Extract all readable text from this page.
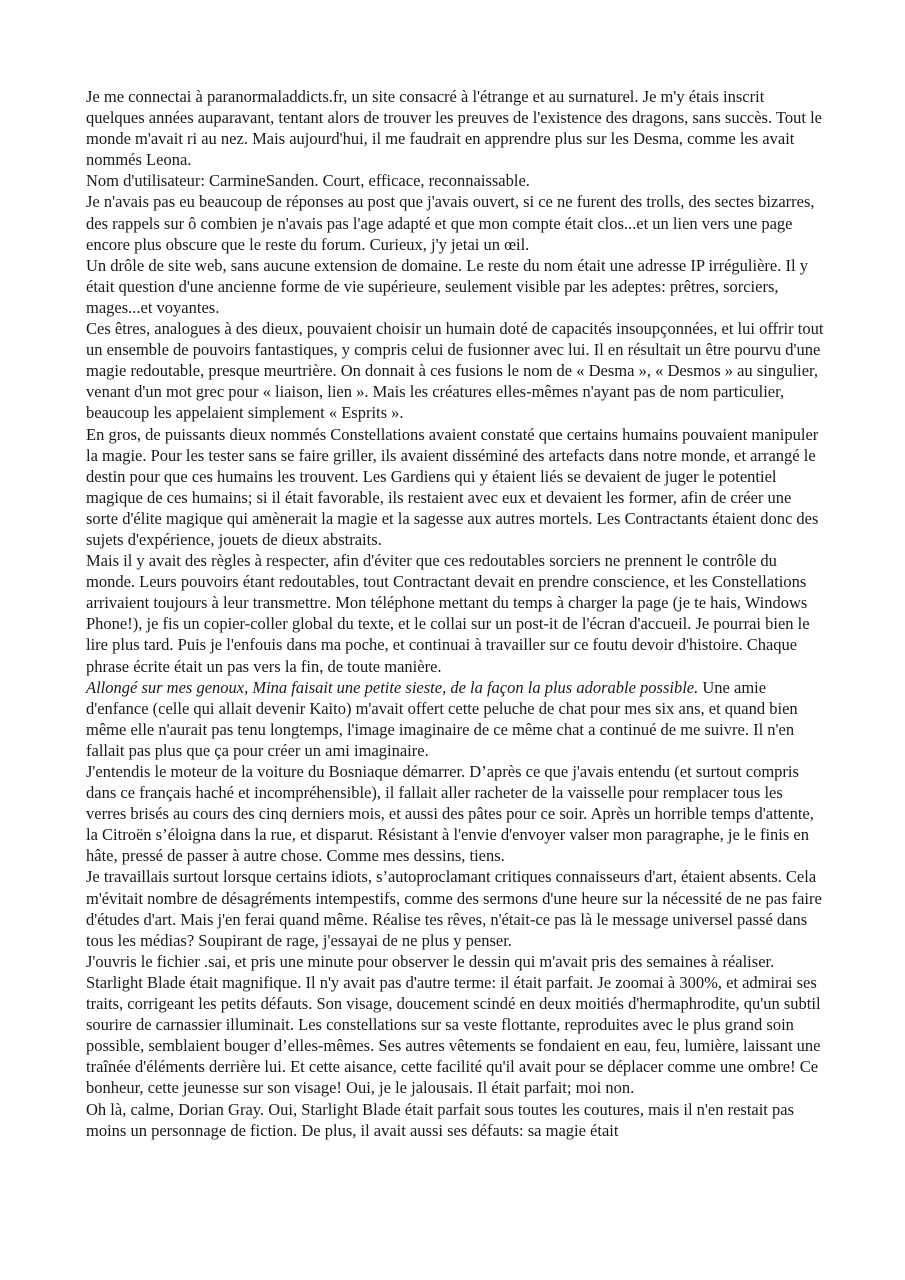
Je me connectai à paranormaladdicts.fr, un site consacré à l'étrange et au surnaturel. Je m'y étais inscrit quelques années auparavant, tentant alors de trouver les preuves de l'existence des dragons, sans succès. Tout le monde m'avait ri au nez. Mais aujourd'hui, il me faudrait en apprendre plus sur les Desma, comme les avait nommés Leona.

Nom d'utilisateur: CarmineSanden. Court, efficace, reconnaissable.

Je n'avais pas eu beaucoup de réponses au post que j'avais ouvert, si ce ne furent des trolls, des sectes bizarres, des rappels sur ô combien je n'avais pas l'age adapté et que mon compte était clos...et un lien vers une page encore plus obscure que le reste du forum. Curieux, j'y jetai un œil.

Un drôle de site web, sans aucune extension de domaine. Le reste du nom était une adresse IP irrégulière. Il y était question d'une ancienne forme de vie supérieure, seulement visible par les adeptes: prêtres, sorciers, mages...et voyantes.

Ces êtres, analogues à des dieux, pouvaient choisir un humain doté de capacités insoupçonnées, et lui offrir tout un ensemble de pouvoirs fantastiques, y compris celui de fusionner avec lui. Il en résultait un être pourvu d'une magie redoutable, presque meurtrière. On donnait à ces fusions le nom de « Desma », « Desmos » au singulier, venant d'un mot grec pour « liaison, lien ». Mais les créatures elles-mêmes n'ayant pas de nom particulier, beaucoup les appelaient simplement « Esprits ».

En gros, de puissants dieux nommés Constellations avaient constaté que certains humains pouvaient manipuler la magie. Pour les tester sans se faire griller, ils avaient disséminé des artefacts dans notre monde, et arrangé le destin pour que ces humains les trouvent. Les Gardiens qui y étaient liés se devaient de juger le potentiel magique de ces humains; si il était favorable, ils restaient avec eux et devaient les former, afin de créer une sorte d'élite magique qui amènerait la magie et la sagesse aux autres mortels. Les Contractants étaient donc des sujets d'expérience, jouets de dieux abstraits.

Mais il y avait des règles à respecter, afin d'éviter que ces redoutables sorciers ne prennent le contrôle du monde. Leurs pouvoirs étant redoutables, tout Contractant devait en prendre conscience, et les Constellations arrivaient toujours à leur transmettre. Mon téléphone mettant du temps à charger la page (je te hais, Windows Phone!), je fis un copier-coller global du texte, et le collai sur un post-it de l'écran d'accueil. Je pourrai bien le lire plus tard. Puis je l'enfouis dans ma poche, et continuai à travailler sur ce foutu devoir d'histoire. Chaque phrase écrite était un pas vers la fin, de toute manière.

Allongé sur mes genoux, Mina faisait une petite sieste, de la façon la plus adorable possible. Une amie d'enfance (celle qui allait devenir Kaito) m'avait offert cette peluche de chat pour mes six ans, et quand bien même elle n'aurait pas tenu longtemps, l'image imaginaire de ce même chat a continué de me suivre. Il n'en fallait pas plus que ça pour créer un ami imaginaire.

J'entendis le moteur de la voiture du Bosniaque démarrer. D’après ce que j'avais entendu (et surtout compris dans ce français haché et incompréhensible), il fallait aller racheter de la vaisselle pour remplacer tous les verres brisés au cours des cinq derniers mois, et aussi des pâtes pour ce soir. Après un horrible temps d'attente, la Citroën s’éloigna dans la rue, et disparut. Résistant à l'envie d'envoyer valser mon paragraphe, je le finis en hâte, pressé de passer à autre chose. Comme mes dessins, tiens.

Je travaillais surtout lorsque certains idiots, s’autoproclamant critiques connaisseurs d'art, étaient absents. Cela m'évitait nombre de désagréments intempestifs, comme des sermons d'une heure sur la nécessité de ne pas faire d'études d'art. Mais j'en ferai quand même. Réalise tes rêves, n'était-ce pas là le message universel passé dans tous les médias? Soupirant de rage, j'essayai de ne plus y penser.

J'ouvris le fichier .sai, et pris une minute pour observer le dessin qui m'avait pris des semaines à réaliser.

Starlight Blade était magnifique. Il n'y avait pas d'autre terme: il était parfait. Je zoomai à 300%, et admirai ses traits, corrigeant les petits défauts. Son visage, doucement scindé en deux moitiés d'hermaphrodite, qu'un subtil sourire de carnassier illuminait. Les constellations sur sa veste flottante, reproduites avec le plus grand soin possible, semblaient bouger d’elles-mêmes. Ses autres vêtements se fondaient en eau, feu, lumière, laissant une traînée d'éléments derrière lui. Et cette aisance, cette facilité qu'il avait pour se déplacer comme une ombre! Ce bonheur, cette jeunesse sur son visage! Oui, je le jalousais. Il était parfait; moi non.

Oh là, calme, Dorian Gray. Oui, Starlight Blade était parfait sous toutes les coutures, mais il n'en restait pas moins un personnage de fiction. De plus, il avait aussi ses défauts: sa magie était
